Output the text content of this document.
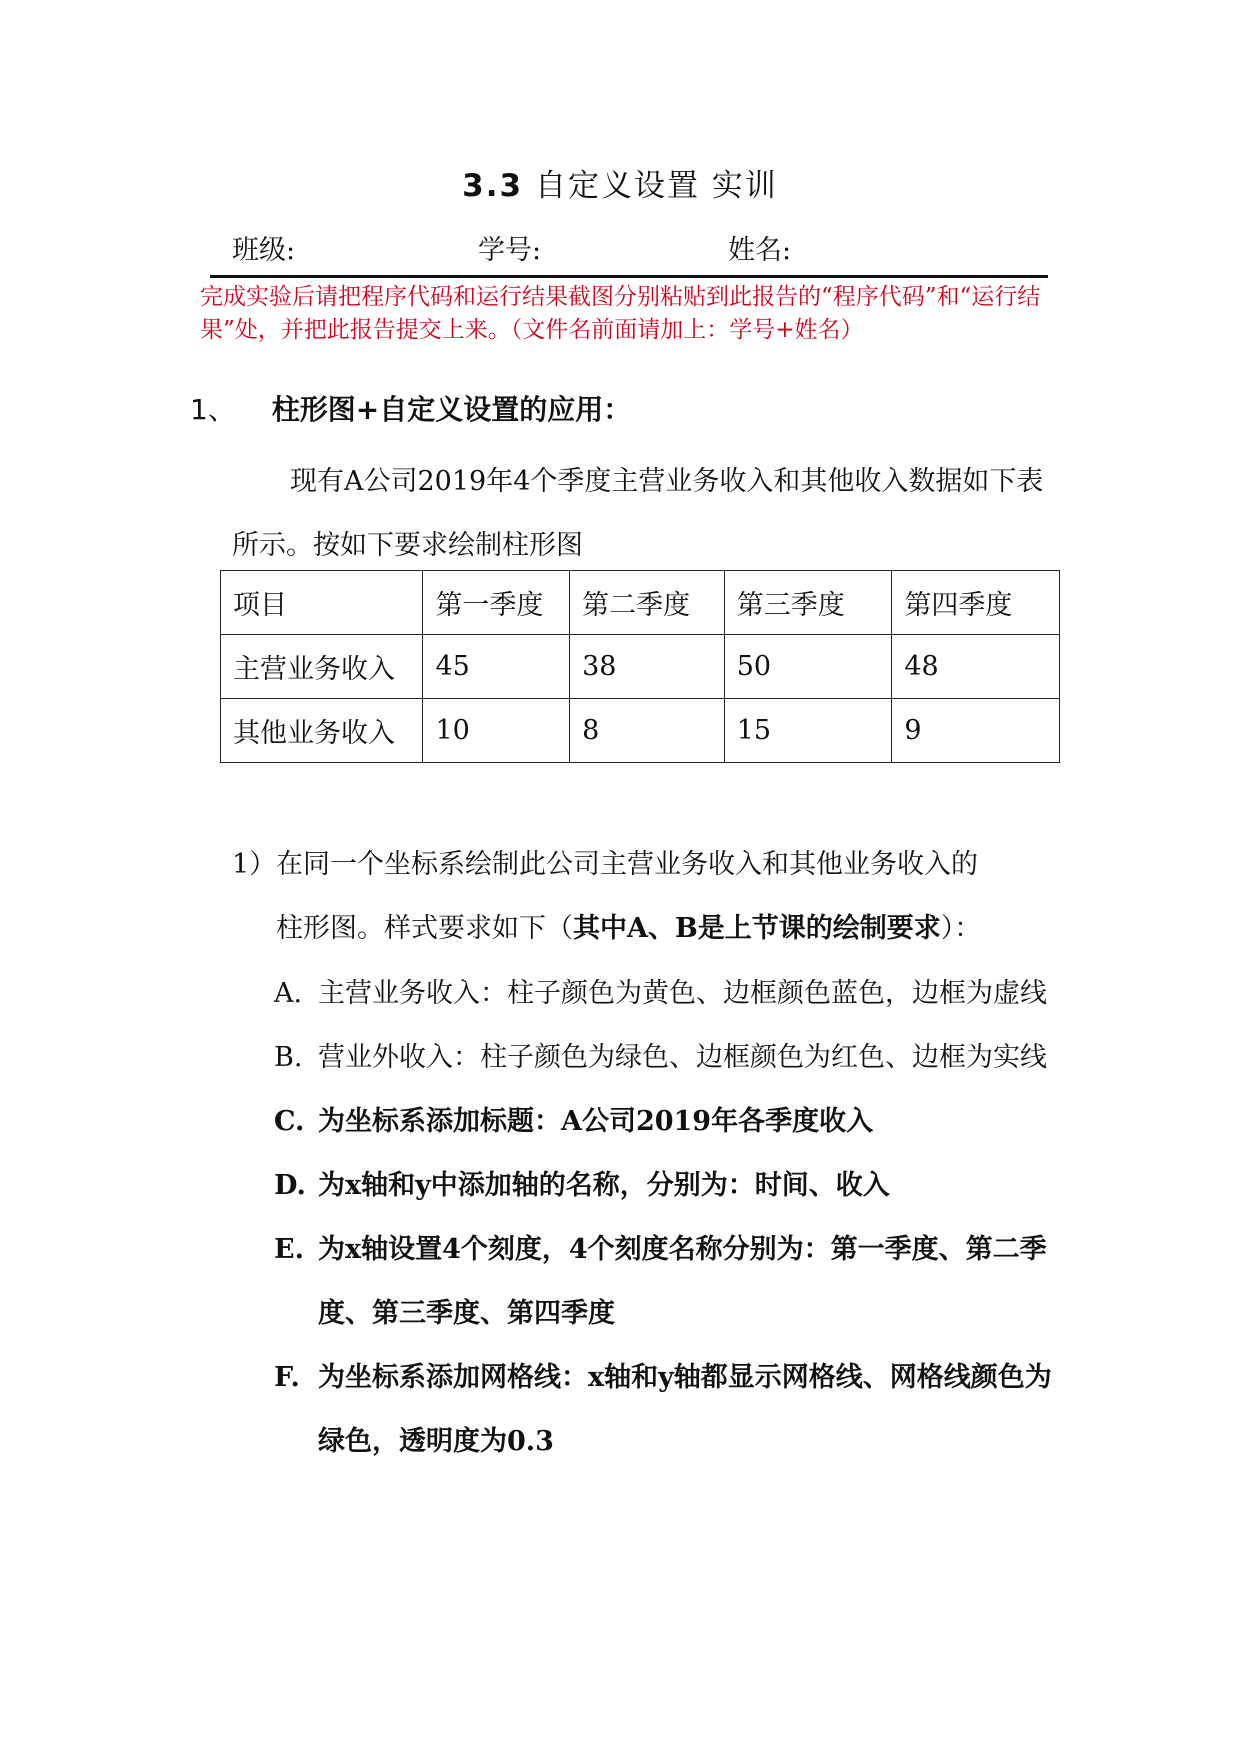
3.3 自定义设置 实训
班级:	学号:	姓名:
完成实验后请把程序代码和运行结果截图分别粘贴到此报告的“程序代码”和“运行结果”处，并把此报告提交上来。（文件名前面请加上：学号+姓名）
1、 柱形图+自定义设置的应用：
现有A公司2019年4个季度主营业务收入和其他收入数据如下表所示。按如下要求绘制柱形图
项目	第一季度	第二季度	第三季度	第四季度
主营业务收入	45	38	50	48
其他业务收入	10	8	15	9
1）在同一个坐标系绘制此公司主营业务收入和其他业务收入的
柱形图。样式要求如下（其中A、B是上节课的绘制要求）：
A. 主营业务收入：柱子颜色为黄色、边框颜色蓝色，边框为虚线
B. 营业外收入：柱子颜色为绿色、边框颜色为红色、边框为实线
C. 为坐标系添加标题：A公司2019年各季度收入
D. 为x轴和y中添加轴的名称，分别为：时间、收入
E. 为x轴设置4个刻度，4个刻度名称分别为：第一季度、第二季度、第三季度、第四季度
F. 为坐标系添加网格线：x轴和y轴都显示网格线、网格线颜色为绿色，透明度为0.3
